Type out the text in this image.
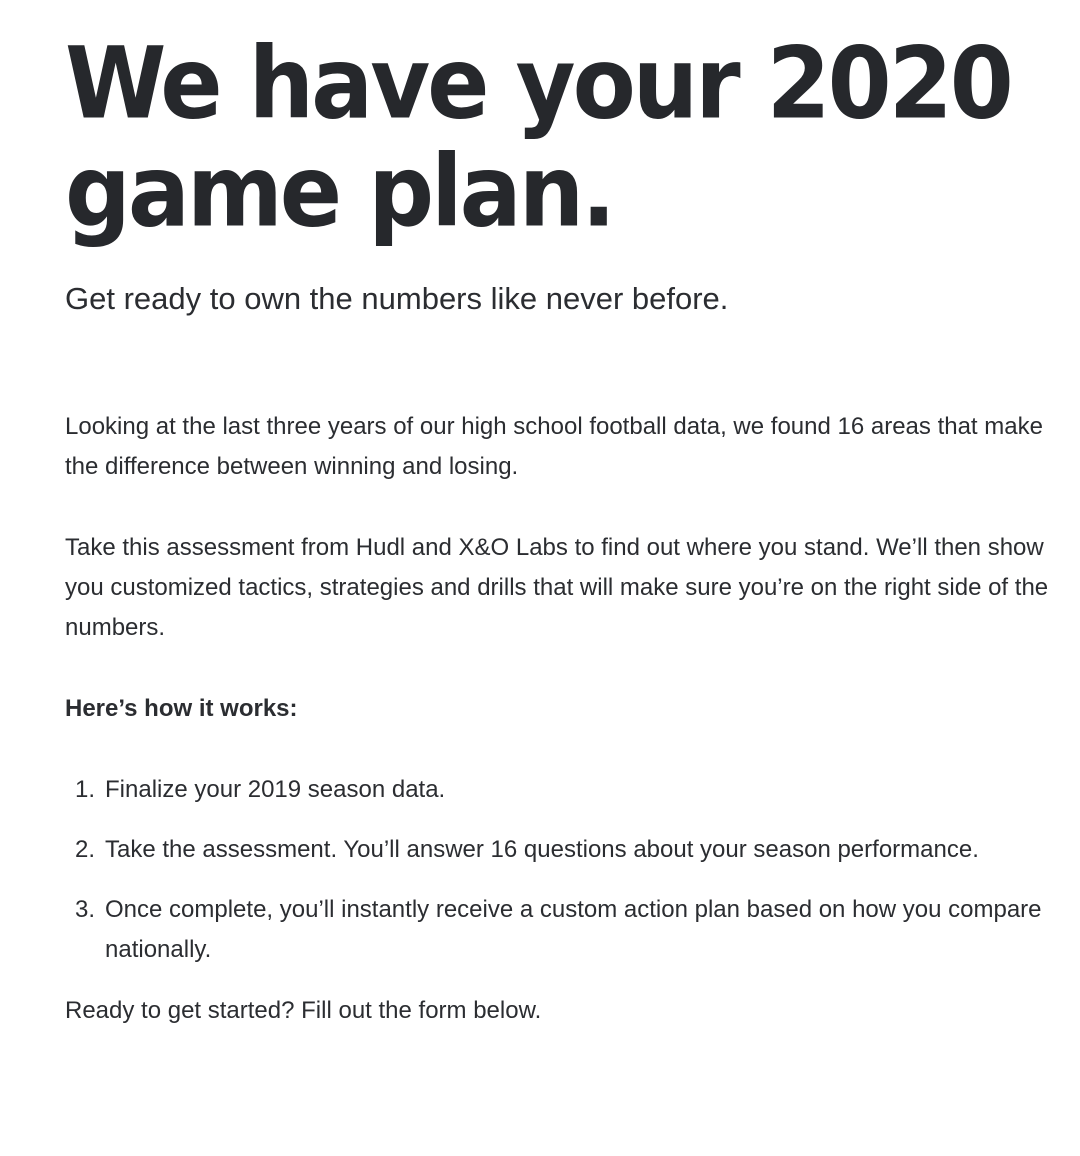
We have your 2020
game plan.

Get ready to own the numbers like never before.

Looking at the last three years of our high school football data, we found 16 areas that make the difference between winning and losing.

Take this assessment from Hudl and X&O Labs to find out where you stand. We’ll then show you customized tactics, strategies and drills that will make sure you’re on the right side of the numbers.

Here’s how it works:

1. Finalize your 2019 season data.
2. Take the assessment. You’ll answer 16 questions about your season performance.
3. Once complete, you’ll instantly receive a custom action plan based on how you compare nationally.

Ready to get started? Fill out the form below.
